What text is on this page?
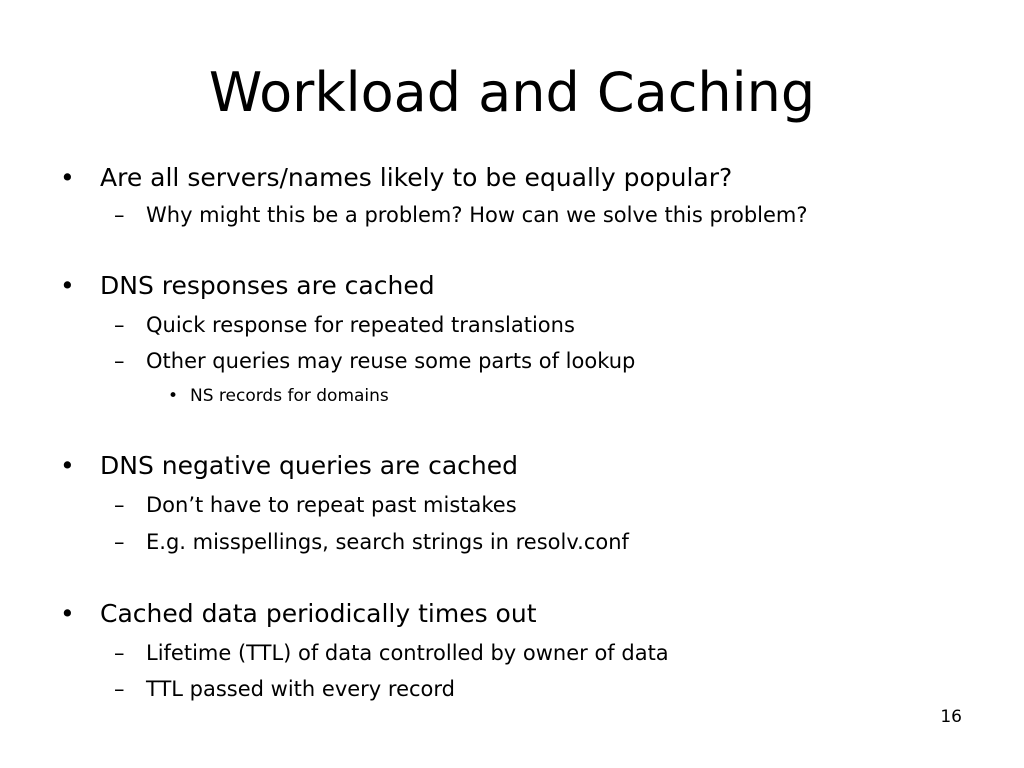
Workload and Caching
• Are all servers/names likely to be equally popular?
– Why might this be a problem? How can we solve this problem?
• DNS responses are cached
– Quick response for repeated translations
– Other queries may reuse some parts of lookup
• NS records for domains
• DNS negative queries are cached
– Don’t have to repeat past mistakes
– E.g. misspellings, search strings in resolv.conf
• Cached data periodically times out
– Lifetime (TTL) of data controlled by owner of data
– TTL passed with every record
16
